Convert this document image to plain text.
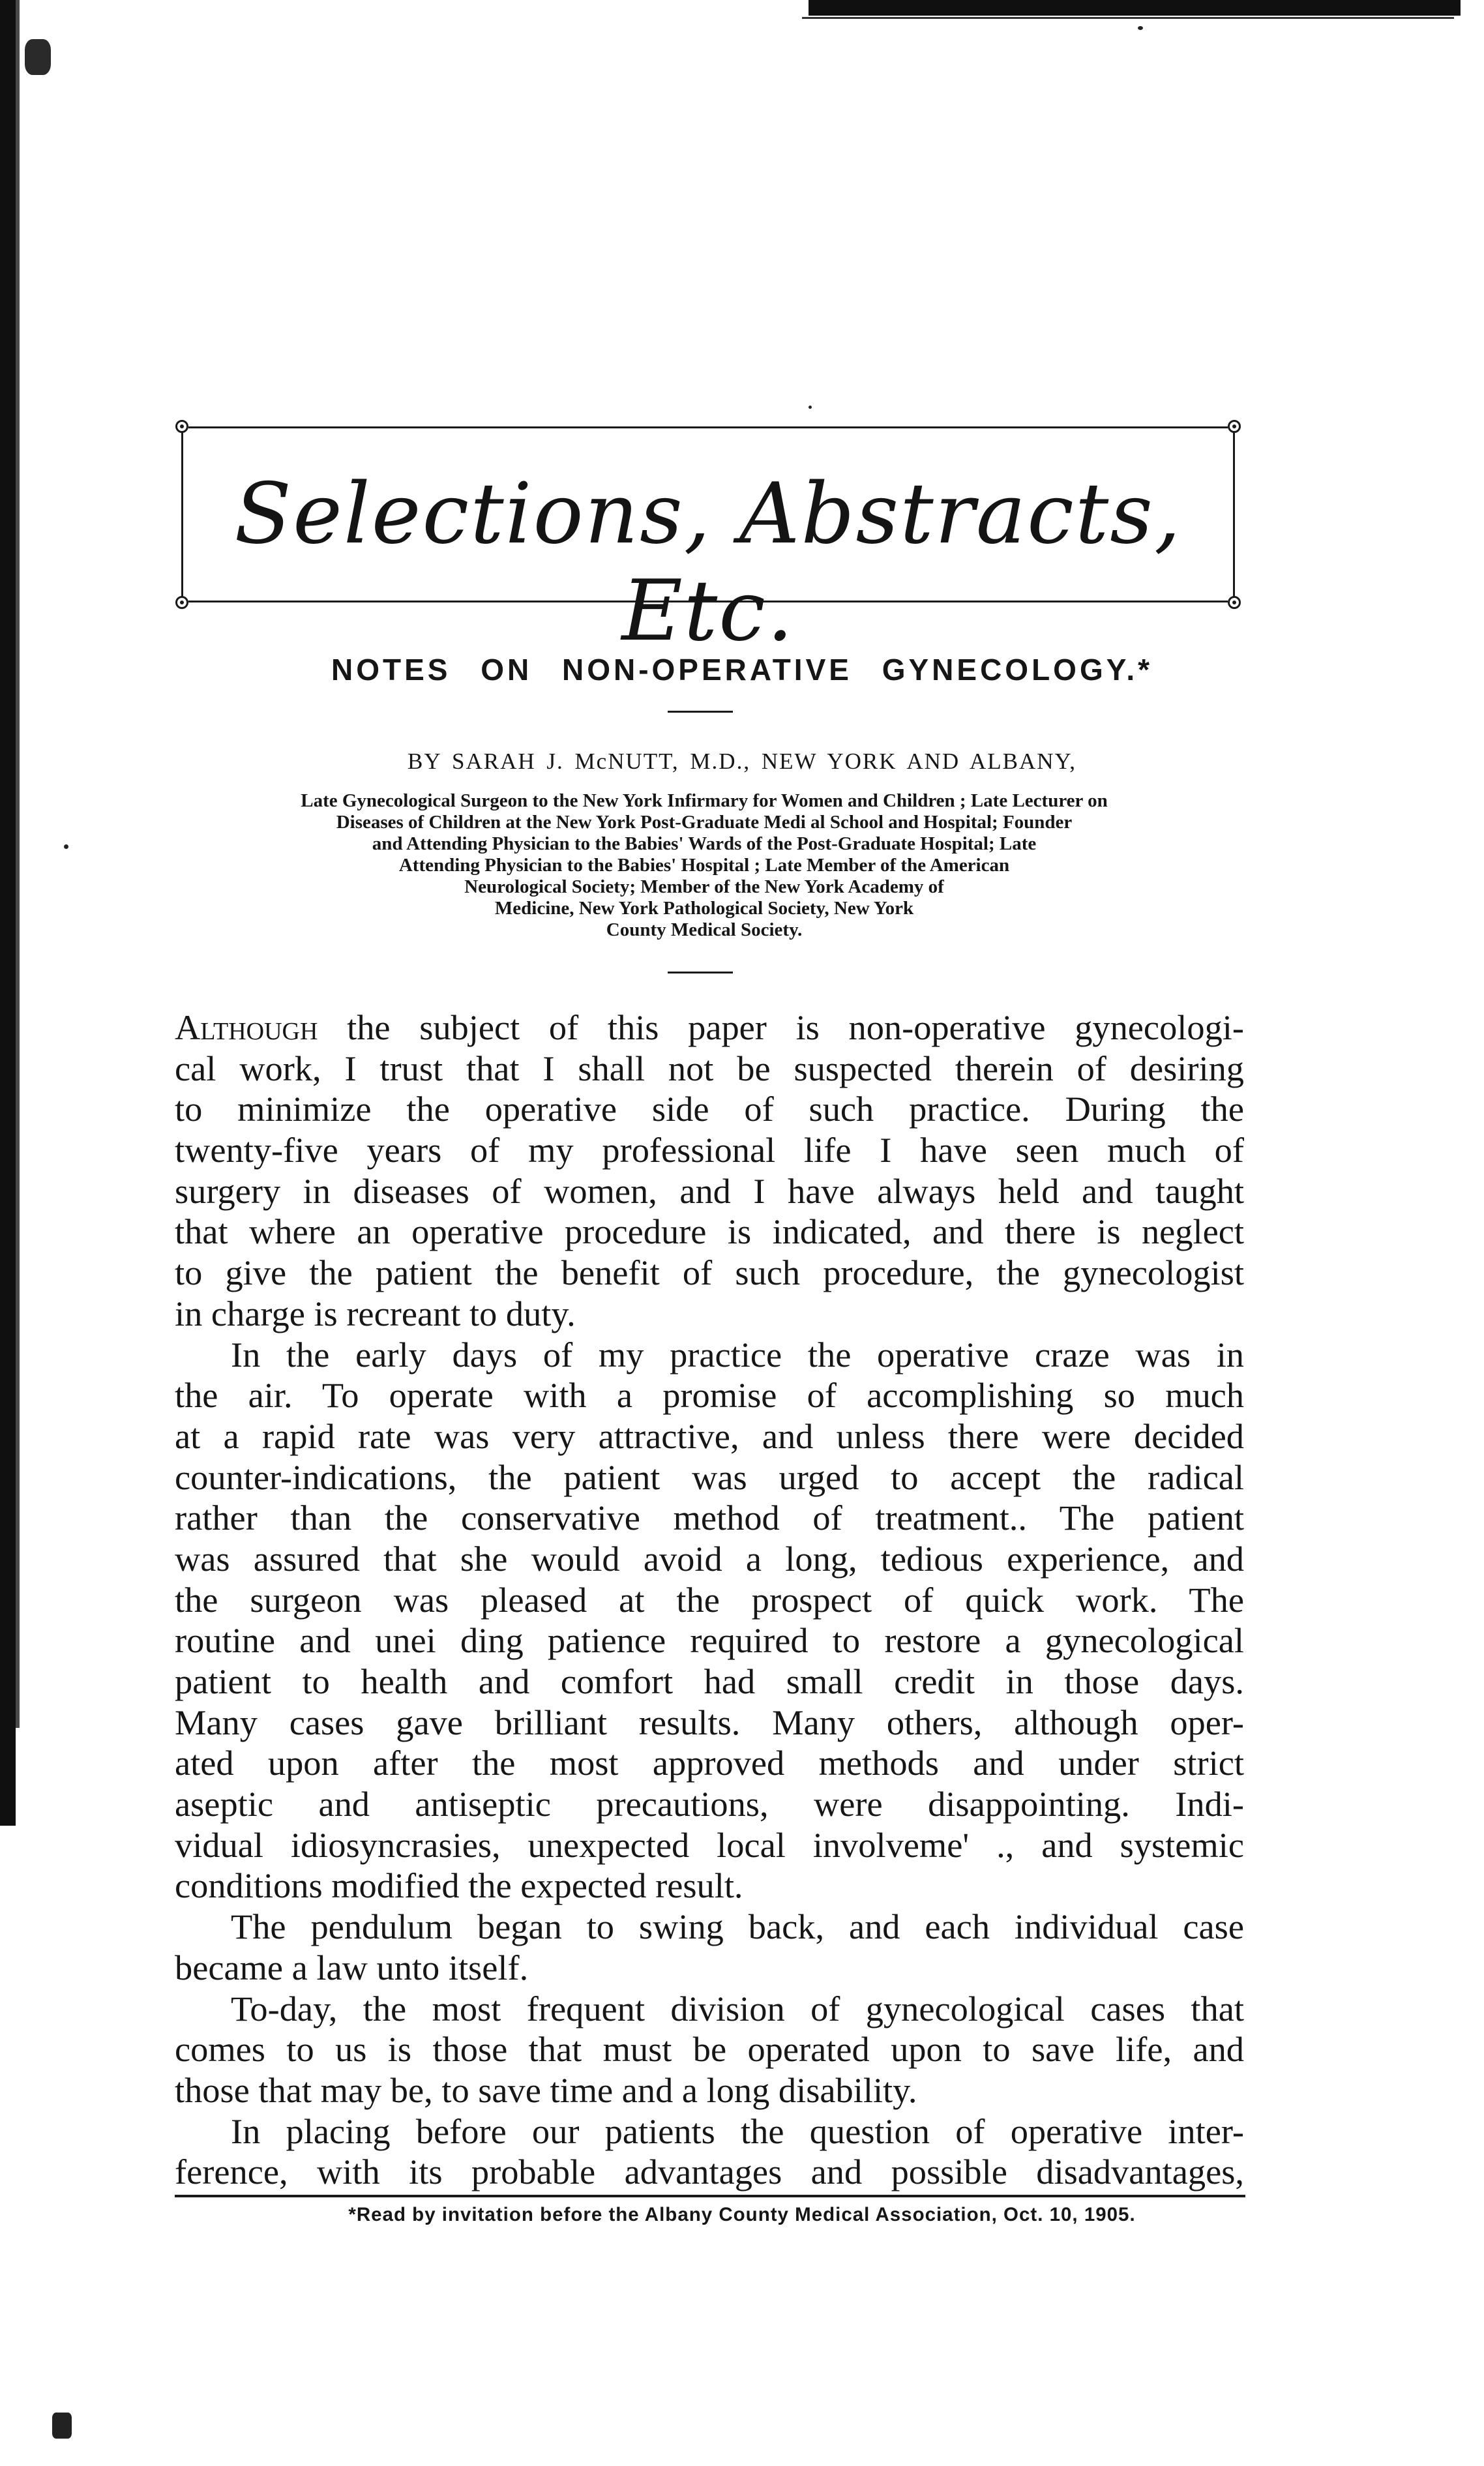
Selections, Abstracts, Etc.
NOTES ON NON-OPERATIVE GYNECOLOGY.*
BY SARAH J. McNUTT, M.D., NEW YORK AND ALBANY,
Late Gynecological Surgeon to the New York Infirmary for Women and Children ; Late Lecturer on
Diseases of Children at the New York Post-Graduate Medi al School and Hospital; Founder
and Attending Physician to the Babies' Wards of the Post-Graduate Hospital; Late
Attending Physician to the Babies' Hospital ; Late Member of the American
Neurological Society; Member of the New York Academy of
Medicine, New York Pathological Society, New York
County Medical Society.
Although the subject of this paper is non-operative gynecologi-
cal work, I trust that I shall not be suspected therein of desiring
to minimize the operative side of such practice. During the
twenty-five years of my professional life I have seen much of
surgery in diseases of women, and I have always held and taught
that where an operative procedure is indicated, and there is neglect
to give the patient the benefit of such procedure, the gynecologist
in charge is recreant to duty.
In the early days of my practice the operative craze was in
the air. To operate with a promise of accomplishing so much
at a rapid rate was very attractive, and unless there were decided
counter-indications, the patient was urged to accept the radical
rather than the conservative method of treatment.. The patient
was assured that she would avoid a long, tedious experience, and
the surgeon was pleased at the prospect of quick work. The
routine and unei ding patience required to restore a gynecological
patient to health and comfort had small credit in those days.
Many cases gave brilliant results. Many others, although oper-
ated upon after the most approved methods and under strict
aseptic and antiseptic precautions, were disappointing. Indi-
vidual idiosyncrasies, unexpected local involveme' ., and systemic
conditions modified the expected result.
The pendulum began to swing back, and each individual case
became a law unto itself.
To-day, the most frequent division of gynecological cases that
comes to us is those that must be operated upon to save life, and
those that may be, to save time and a long disability.
In placing before our patients the question of operative inter-
ference, with its probable advantages and possible disadvantages,
*Read by invitation before the Albany County Medical Association, Oct. 10, 1905.
